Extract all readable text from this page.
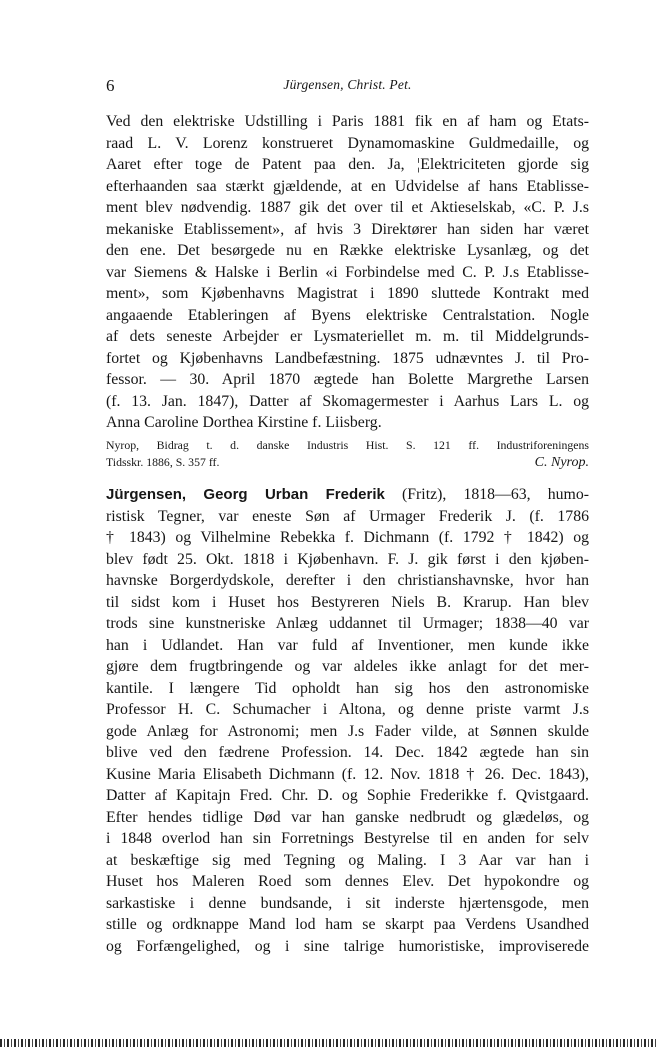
6	Jürgensen, Christ. Pet.
Ved den elektriske Udstilling i Paris 1881 fik en af ham og Etats-
raad L. V. Lorenz konstrueret Dynamomaskine Guldmedaille, og
Aaret efter toge de Patent paa den. Ja, ¦Elektriciteten gjorde sig
efterhaanden saa stærkt gjældende, at en Udvidelse af hans Etablisse-
ment blev nødvendig. 1887 gik det over til et Aktieselskab, «C. P. J.s
mekaniske Etablissement», af hvis 3 Direktører han siden har været
den ene. Det besørgede nu en Række elektriske Lysanlæg, og det
var Siemens & Halske i Berlin «i Forbindelse med C. P. J.s Etablisse-
ment», som Kjøbenhavns Magistrat i 1890 sluttede Kontrakt med
angaaende Etableringen af Byens elektriske Centralstation. Nogle
af dets seneste Arbejder er Lysmateriellet m. m. til Middelgrunds-
fortet og Kjøbenhavns Landbefæstning. 1875 udnævntes J. til Pro-
fessor. — 30. April 1870 ægtede han Bolette Margrethe Larsen
(f. 13. Jan. 1847), Datter af Skomagermester i Aarhus Lars L. og
Anna Caroline Dorthea Kirstine f. Liisberg.
Nyrop, Bidrag t. d. danske Industris Hist. S. 121 ff. Industriforeningens
Tidsskr. 1886, S. 357 ff.	C. Nyrop.
Jürgensen, Georg Urban Frederik (Fritz), 1818—63, humo-
ristisk Tegner, var eneste Søn af Urmager Frederik J. (f. 1786
† 1843) og Vilhelmine Rebekka f. Dichmann (f. 1792 † 1842) og
blev født 25. Okt. 1818 i Kjøbenhavn. F. J. gik først i den kjøben-
havnske Borgerdydskole, derefter i den christianshavnske, hvor han
til sidst kom i Huset hos Bestyreren Niels B. Krarup. Han blev
trods sine kunstneriske Anlæg uddannet til Urmager; 1838—40 var
han i Udlandet. Han var fuld af Inventioner, men kunde ikke
gjøre dem frugtbringende og var aldeles ikke anlagt for det mer-
kantile. I længere Tid opholdt han sig hos den astronomiske
Professor H. C. Schumacher i Altona, og denne priste varmt J.s
gode Anlæg for Astronomi; men J.s Fader vilde, at Sønnen skulde
blive ved den fædrene Profession. 14. Dec. 1842 ægtede han sin
Kusine Maria Elisabeth Dichmann (f. 12. Nov. 1818 † 26. Dec. 1843),
Datter af Kapitajn Fred. Chr. D. og Sophie Frederikke f. Qvistgaard.
Efter hendes tidlige Død var han ganske nedbrudt og glædeløs, og
i 1848 overlod han sin Forretnings Bestyrelse til en anden for selv
at beskæftige sig med Tegning og Maling. I 3 Aar var han i
Huset hos Maleren Roed som dennes Elev. Det hypokondre og
sarkastiske i denne bundsande, i sit inderste hjærtensgode, men
stille og ordknappe Mand lod ham se skarpt paa Verdens Usandhed
og Forfængelighed, og i sine talrige humoristiske, improviserede
